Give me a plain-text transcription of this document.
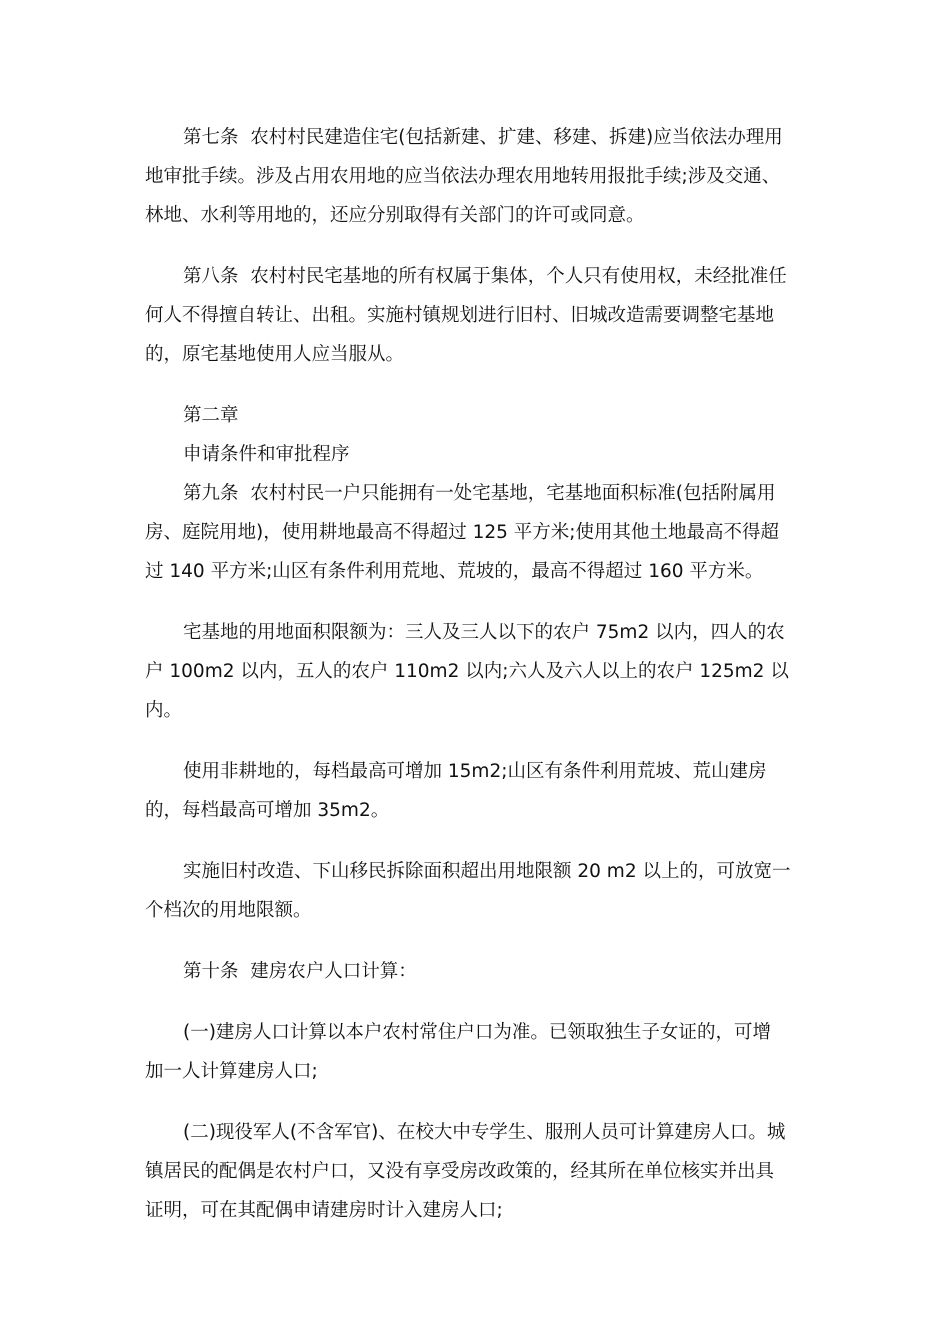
第七条  农村村民建造住宅(包括新建、扩建、移建、拆建)应当依法办理用
地审批手续。涉及占用农用地的应当依法办理农用地转用报批手续;涉及交通、
林地、水利等用地的，还应分别取得有关部门的许可或同意。
第八条  农村村民宅基地的所有权属于集体，个人只有使用权，未经批准任
何人不得擅自转让、出租。实施村镇规划进行旧村、旧城改造需要调整宅基地
的，原宅基地使用人应当服从。
第二章
申请条件和审批程序
第九条  农村村民一户只能拥有一处宅基地，宅基地面积标准(包括附属用
房、庭院用地)，使用耕地最高不得超过 125 平方米;使用其他土地最高不得超
过 140 平方米;山区有条件利用荒地、荒坡的，最高不得超过 160 平方米。
宅基地的用地面积限额为：三人及三人以下的农户 75m2 以内，四人的农
户 100m2 以内，五人的农户 110m2 以内;六人及六人以上的农户 125m2 以
内。
使用非耕地的，每档最高可增加 15m2;山区有条件利用荒坡、荒山建房
的，每档最高可增加 35m2。
实施旧村改造、下山移民拆除面积超出用地限额 20 m2 以上的，可放宽一
个档次的用地限额。
第十条  建房农户人口计算：
(一)建房人口计算以本户农村常住户口为准。已领取独生子女证的，可增
加一人计算建房人口;
(二)现役军人(不含军官)、在校大中专学生、服刑人员可计算建房人口。城
镇居民的配偶是农村户口，又没有享受房改政策的，经其所在单位核实并出具
证明，可在其配偶申请建房时计入建房人口;
